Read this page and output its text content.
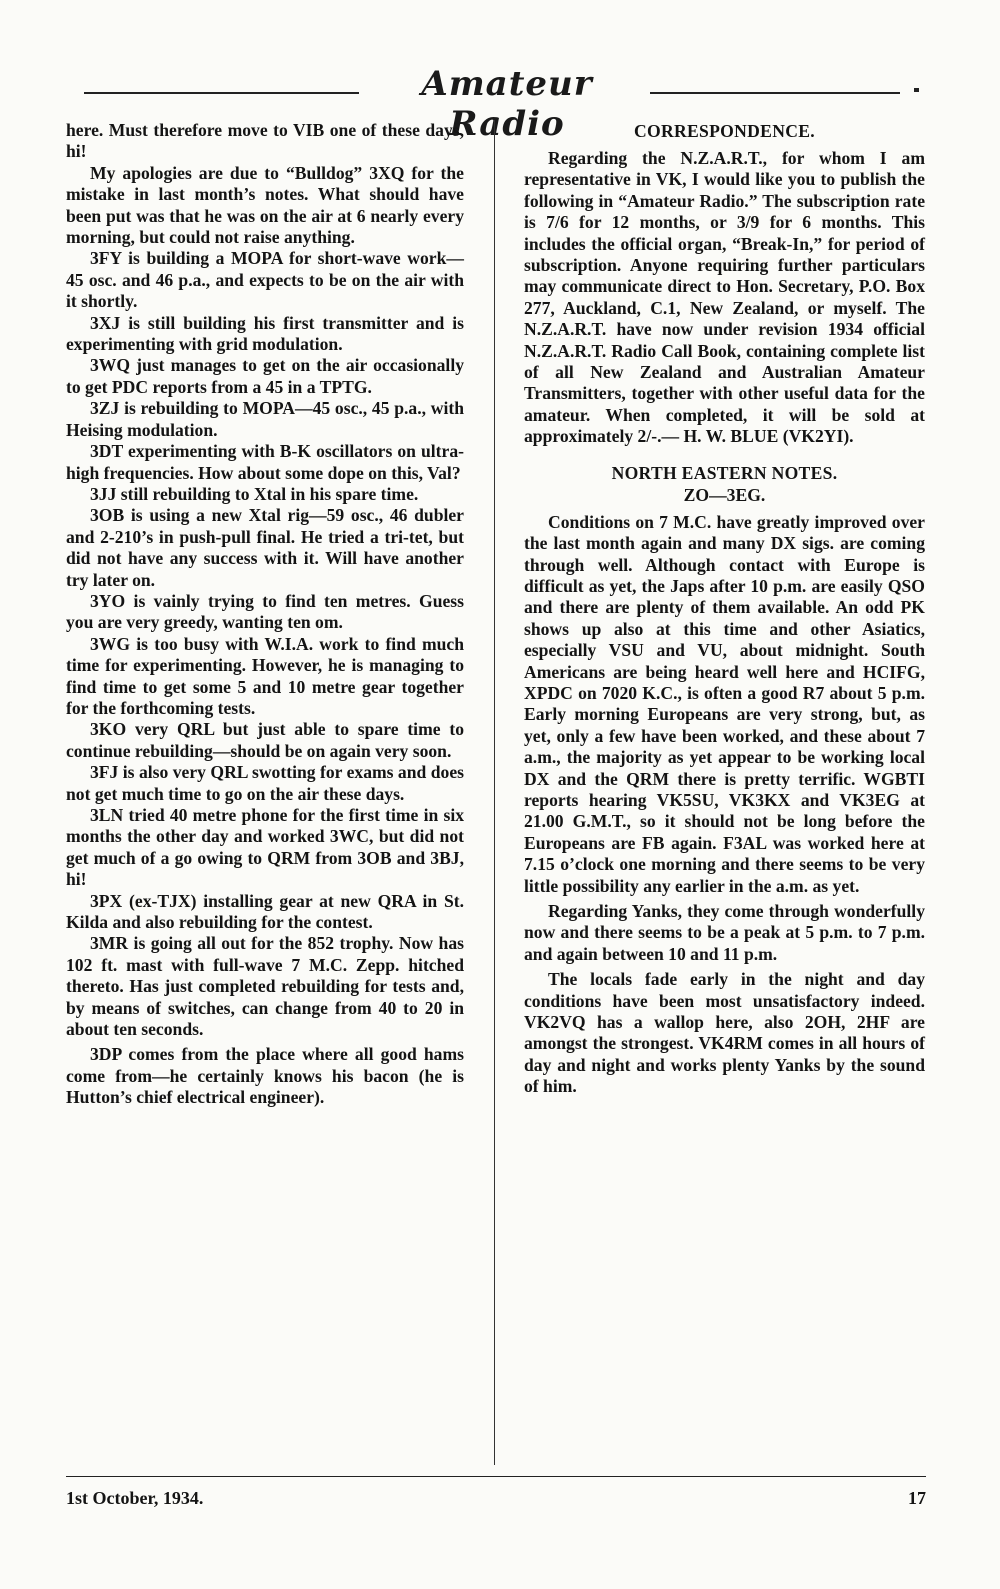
Amateur Radio

here. Must therefore move to VIB one of these days, hi!

My apologies are due to “Bulldog” 3XQ for the mistake in last month’s notes. What should have been put was that he was on the air at 6 nearly every morning, but could not raise anything.

3FY is building a MOPA for short-wave work—45 osc. and 46 p.a., and expects to be on the air with it shortly.

3XJ is still building his first transmitter and is experimenting with grid modulation.

3WQ just manages to get on the air occasionally to get PDC reports from a 45 in a TPTG.

3ZJ is rebuilding to MOPA—45 osc., 45 p.a., with Heising modulation.

3DT experimenting with B-K oscillators on ultra-high frequencies. How about some dope on this, Val?

3JJ still rebuilding to Xtal in his spare time.

3OB is using a new Xtal rig—59 osc., 46 dubler and 2-210’s in push-pull final. He tried a tri-tet, but did not have any success with it. Will have another try later on.

3YO is vainly trying to find ten metres. Guess you are very greedy, wanting ten om.

3WG is too busy with W.I.A. work to find much time for experimenting. However, he is managing to find time to get some 5 and 10 metre gear together for the forthcoming tests.

3KO very QRL but just able to spare time to continue rebuilding—should be on again very soon.

3FJ is also very QRL swotting for exams and does not get much time to go on the air these days.

3LN tried 40 metre phone for the first time in six months the other day and worked 3WC, but did not get much of a go owing to QRM from 3OB and 3BJ, hi!

3PX (ex-TJX) installing gear at new QRA in St. Kilda and also rebuilding for the contest.

3MR is going all out for the 852 trophy. Now has 102 ft. mast with full-wave 7 M.C. Zepp. hitched thereto. Has just completed rebuilding for tests and, by means of switches, can change from 40 to 20 in about ten seconds.

3DP comes from the place where all good hams come from—he certainly knows his bacon (he is Hutton’s chief electrical engineer).

CORRESPONDENCE.

Regarding the N.Z.A.R.T., for whom I am representative in VK, I would like you to publish the following in “Amateur Radio.” The subscription rate is 7/6 for 12 months, or 3/9 for 6 months. This includes the official organ, “Break-In,” for period of subscription. Anyone requiring further particulars may communicate direct to Hon. Secretary, P.O. Box 277, Auckland, C.1, New Zealand, or myself. The N.Z.A.R.T. have now under revision 1934 official N.Z.A.R.T. Radio Call Book, containing complete list of all New Zealand and Australian Amateur Transmitters, together with other useful data for the amateur. When completed, it will be sold at approximately 2/-.— H. W. BLUE (VK2YI).

NORTH EASTERN NOTES.
ZO—3EG.

Conditions on 7 M.C. have greatly improved over the last month again and many DX sigs. are coming through well. Although contact with Europe is difficult as yet, the Japs after 10 p.m. are easily QSO and there are plenty of them available. An odd PK shows up also at this time and other Asiatics, especially VSU and VU, about midnight. South Americans are being heard well here and HCIFG, XPDC on 7020 K.C., is often a good R7 about 5 p.m. Early morning Europeans are very strong, but, as yet, only a few have been worked, and these about 7 a.m., the majority as yet appear to be working local DX and the QRM there is pretty terrific. WGBTI reports hearing VK5SU, VK3KX and VK3EG at 21.00 G.M.T., so it should not be long before the Europeans are FB again. F3AL was worked here at 7.15 o’clock one morning and there seems to be very little possibility any earlier in the a.m. as yet.

Regarding Yanks, they come through wonderfully now and there seems to be a peak at 5 p.m. to 7 p.m. and again between 10 and 11 p.m.

The locals fade early in the night and day conditions have been most unsatisfactory indeed. VK2VQ has a wallop here, also 2OH, 2HF are amongst the strongest. VK4RM comes in all hours of day and night and works plenty Yanks by the sound of him.

1st October, 1934.	17
